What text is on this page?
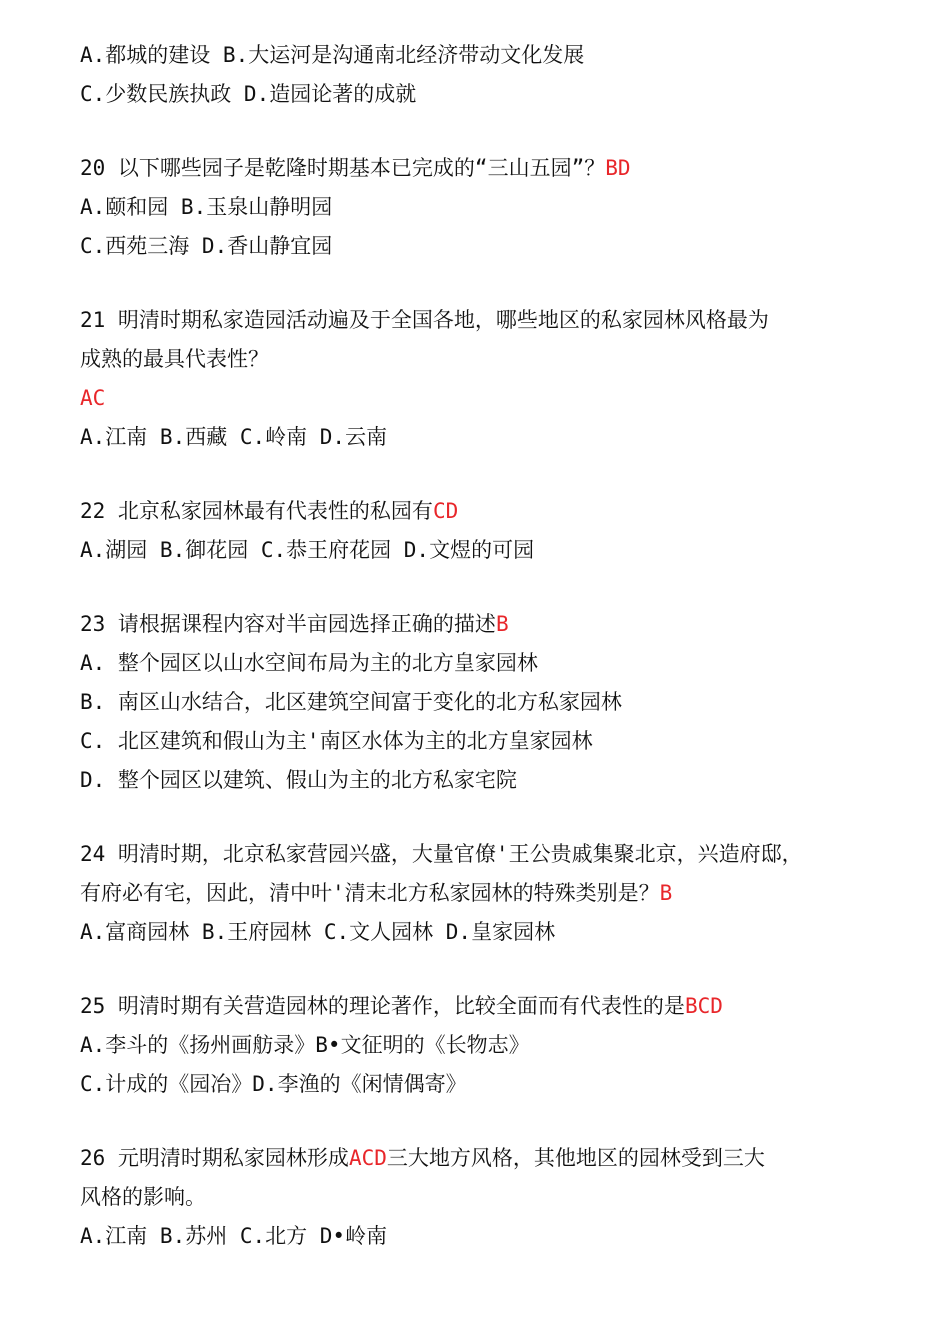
A.都城的建设 B.大运河是沟通南北经济带动文化发展
C.少数民族执政 D.造园论著的成就
20 以下哪些园子是乾隆时期基本已完成的“三山五园”？BD
A.颐和园 B.玉泉山静明园
C.西苑三海 D.香山静宜园
21 明清时期私家造园活动遍及于全国各地，哪些地区的私家园林风格最为
成熟的最具代表性？
AC
A.江南 B.西藏 C.岭南 D.云南
22 北京私家园林最有代表性的私园有CD
A.湖园 B.御花园 C.恭王府花园 D.文煜的可园
23 请根据课程内容对半亩园选择正确的描述B
A. 整个园区以山水空间布局为主的北方皇家园林
B. 南区山水结合，北区建筑空间富于变化的北方私家园林
C. 北区建筑和假山为主'南区水体为主的北方皇家园林
D. 整个园区以建筑、假山为主的北方私家宅院
24 明清时期，北京私家营园兴盛，大量官僚'王公贵戚集聚北京，兴造府邸，
有府必有宅，因此，清中叶'清末北方私家园林的特殊类别是？B
A.富商园林 B.王府园林 C.文人园林 D.皇家园林
25 明清时期有关营造园林的理论著作，比较全面而有代表性的是BCD
A.李斗的《扬州画舫录》B•文征明的《长物志》
C.计成的《园冶》D.李渔的《闲情偶寄》
26 元明清时期私家园林形成ACD三大地方风格，其他地区的园林受到三大
风格的影响。
A.江南 B.苏州 C.北方 D•岭南
